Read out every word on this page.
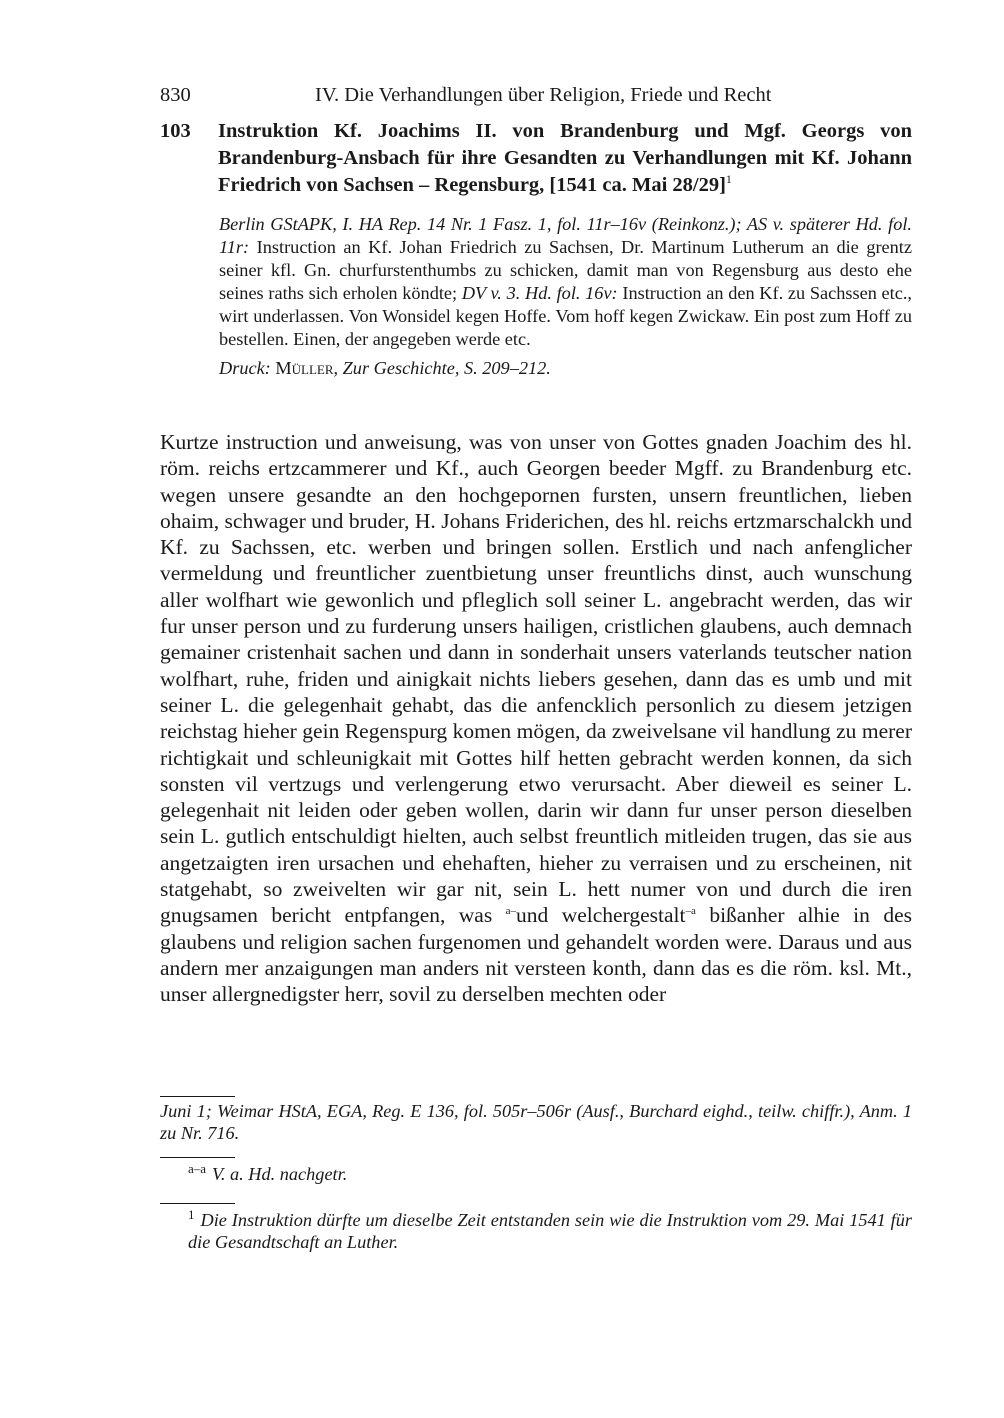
830	IV. Die Verhandlungen über Religion, Friede und Recht
103 Instruktion Kf. Joachims II. von Brandenburg und Mgf. Georgs von Brandenburg-Ansbach für ihre Gesandten zu Verhandlungen mit Kf. Johann Friedrich von Sachsen – Regensburg, [1541 ca. Mai 28/29]$^1$

Berlin GStAPK, I. HA Rep. 14 Nr. 1 Fasz. 1, fol. 11r–16v (Reinkonz.); AS v. späterer Hd. fol. 11r: Instruction an Kf. Johan Friedrich zu Sachsen, Dr. Martinum Lutherum an die grentz seiner kfl. Gn. churfurstenthumbs zu schicken, damit man von Regensburg aus desto ehe seines raths sich erholen köndte; DV v. 3. Hd. fol. 16v: Instruction an den Kf. zu Sachssen etc., wirt underlassen. Von Wonsidel kegen Hoffe. Vom hoff kegen Zwickaw. Ein post zum Hoff zu bestellen. Einen, der angegeben werde etc.

Druck: Müller, Zur Geschichte, S. 209–212.

Kurtze instruction und anweisung, was von unser von Gottes gnaden Joachim des hl. röm. reichs ertzcammerer und Kf., auch Georgen beeder Mgff. zu Brandenburg etc. wegen unsere gesandte an den hochgepornen fursten, unsern freuntlichen, lieben ohaim, schwager und bruder, H. Johans Friderichen, des hl. reichs ertzmarschalckh und Kf. zu Sachssen, etc. werben und bringen sollen. Erstlich und nach anfenglicher vermeldung und freuntlicher zuentbietung unser freuntlichs dinst, auch wunschung aller wolfhart wie gewonlich und pfleglich soll seiner L. angebracht werden, das wir fur unser person und zu furderung unsers hailigen, cristlichen glaubens, auch demnach gemainer cristenhait sachen und dann in sonderhait unsers vaterlands teutscher nation wolfhart, ruhe, friden und ainigkait nichts liebers gesehen, dann das es umb und mit seiner L. die gelegenhait gehabt, das die anfencklich personlich zu diesem jetzigen reichstag hieher gein Regenspurg komen mögen, da zweivelsane vil handlung zu merer richtigkait und schleunigkait mit Gottes hilf hetten gebracht werden konnen, da sich sonsten vil vertzugs und verlengerung etwo verursacht. Aber dieweil es seiner L. gelegenhait nit leiden oder geben wollen, darin wir dann fur unser person dieselben sein L. gutlich entschuldigt hielten, auch selbst freuntlich mitleiden trugen, das sie aus angetzaigten iren ursachen und ehehaften, hieher zu verraisen und zu erscheinen, nit statgehabt, so zweivelten wir gar nit, sein L. hett numer von und durch die iren gnugsamen bericht entpfangen, was $^{a-}$und welchergestalt$^{-a}$ bißanher alhie in des glaubens und religion sachen furgenomen und gehandelt worden were. Daraus und aus andern mer anzaigungen man anders nit versteen konth, dann das es die röm. ksl. Mt., unser allergnedigster herr, sovil zu derselben mechten oder

Juni 1; Weimar HStA, EGA, Reg. E 136, fol. 505r–506r (Ausf., Burchard eighd., teilw. chiffr.), Anm. 1 zu Nr. 716.

$^{a-a}$ V. a. Hd. nachgetr.

$^1$ Die Instruktion dürfte um dieselbe Zeit entstanden sein wie die Instruktion vom 29. Mai 1541 für die Gesandtschaft an Luther.
